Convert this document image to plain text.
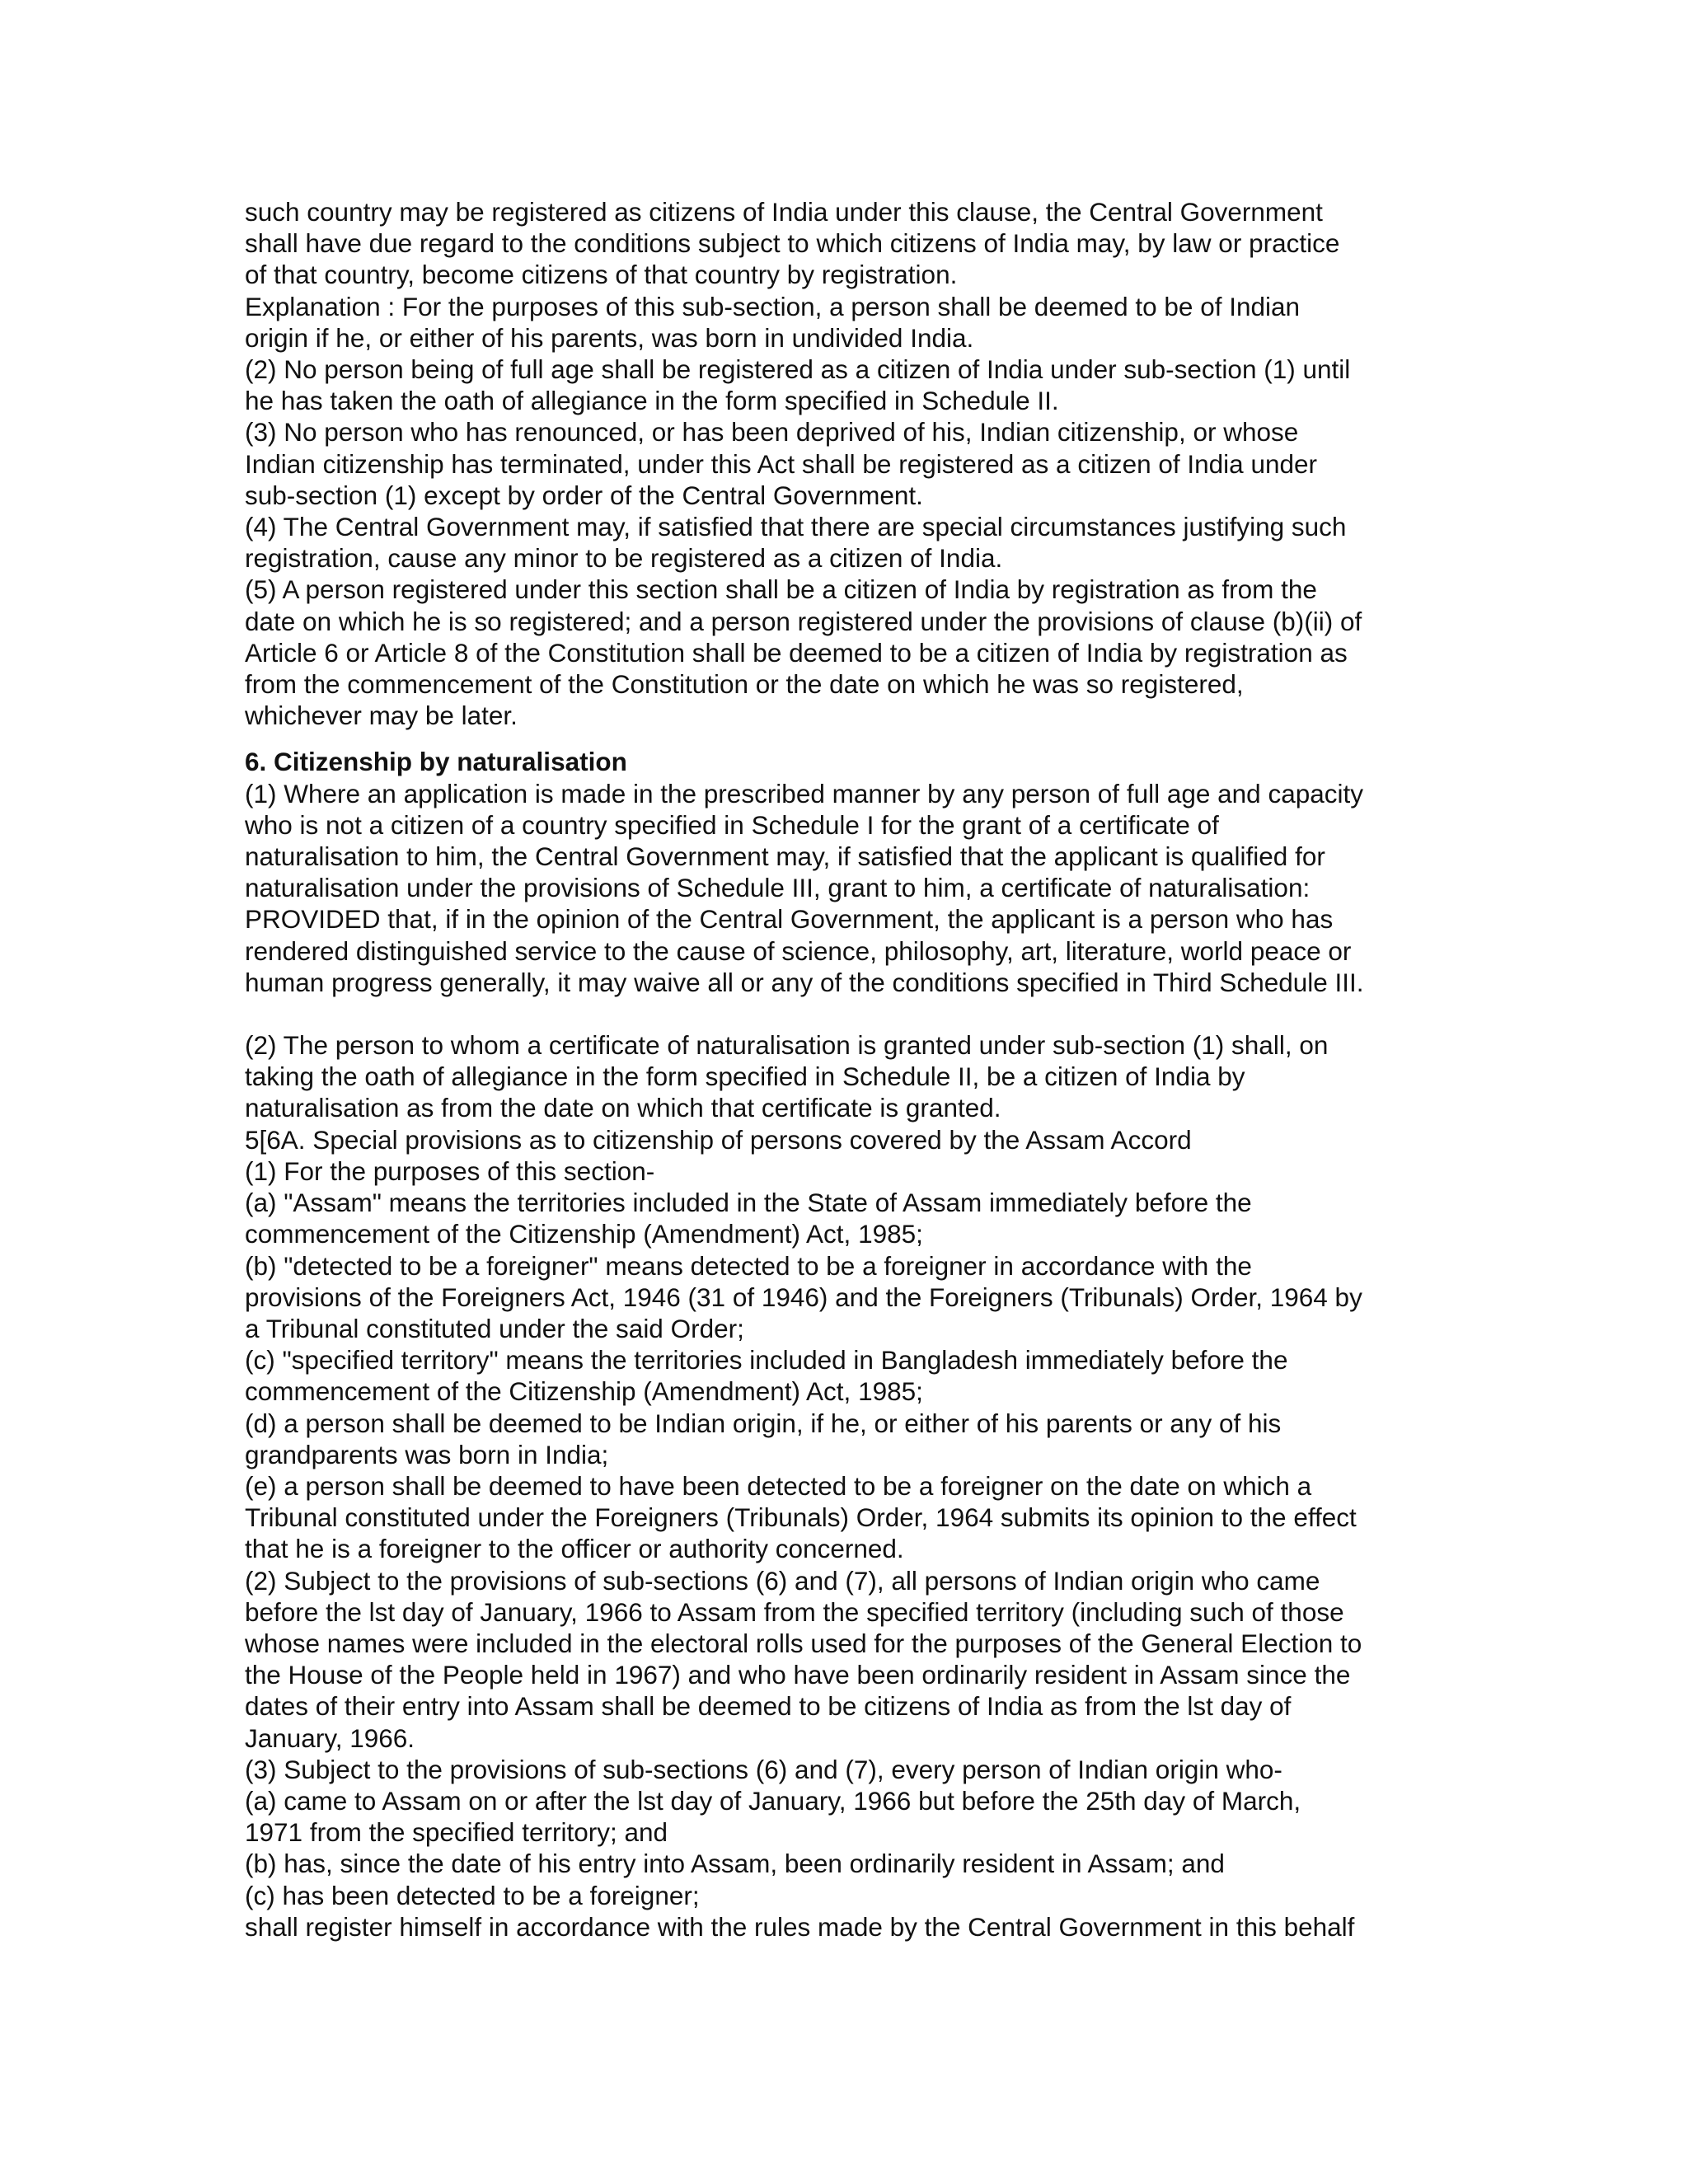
such country may be registered as citizens of India under this clause, the Central Government
shall have due regard to the conditions subject to which citizens of India may, by law or practice
of that country, become citizens of that country by registration.
Explanation : For the purposes of this sub-section, a person shall be deemed to be of Indian
origin if he, or either of his parents, was born in undivided India.
(2) No person being of full age shall be registered as a citizen of India under sub-section (1) until
he has taken the oath of allegiance in the form specified in Schedule II.
(3) No person who has renounced, or has been deprived of his, Indian citizenship, or whose
Indian citizenship has terminated, under this Act shall be registered as a citizen of India under
sub-section (1) except by order of the Central Government.
(4) The Central Government may, if satisfied that there are special circumstances justifying such
registration, cause any minor to be registered as a citizen of India.
(5) A person registered under this section shall be a citizen of India by registration as from the
date on which he is so registered; and a person registered under the provisions of clause (b)(ii) of
Article 6 or Article 8 of the Constitution shall be deemed to be a citizen of India by registration as
from the commencement of the Constitution or the date on which he was so registered,
whichever may be later.
6. Citizenship by naturalisation
(1) Where an application is made in the prescribed manner by any person of full age and capacity
who is not a citizen of a country specified in Schedule I for the grant of a certificate of
naturalisation to him, the Central Government may, if satisfied that the applicant is qualified for
naturalisation under the provisions of Schedule III, grant to him, a certificate of naturalisation:
PROVIDED that, if in the opinion of the Central Government, the applicant is a person who has
rendered distinguished service to the cause of science, philosophy, art, literature, world peace or
human progress generally, it may waive all or any of the conditions specified in Third Schedule III.
(2) The person to whom a certificate of naturalisation is granted under sub-section (1) shall, on
taking the oath of allegiance in the form specified in Schedule II, be a citizen of India by
naturalisation as from the date on which that certificate is granted.
5[6A. Special provisions as to citizenship of persons covered by the Assam Accord
(1) For the purposes of this section-
(a) "Assam" means the territories included in the State of Assam immediately before the
commencement of the Citizenship (Amendment) Act, 1985;
(b) "detected to be a foreigner" means detected to be a foreigner in accordance with the
provisions of the Foreigners Act, 1946 (31 of 1946) and the Foreigners (Tribunals) Order, 1964 by
a Tribunal constituted under the said Order;
(c) "specified territory" means the territories included in Bangladesh immediately before the
commencement of the Citizenship (Amendment) Act, 1985;
(d) a person shall be deemed to be Indian origin, if he, or either of his parents or any of his
grandparents was born in India;
(e) a person shall be deemed to have been detected to be a foreigner on the date on which a
Tribunal constituted under the Foreigners (Tribunals) Order, 1964 submits its opinion to the effect
that he is a foreigner to the officer or authority concerned.
(2) Subject to the provisions of sub-sections (6) and (7), all persons of Indian origin who came
before the lst day of January, 1966 to Assam from the specified territory (including such of those
whose names were included in the electoral rolls used for the purposes of the General Election to
the House of the People held in 1967) and who have been ordinarily resident in Assam since the
dates of their entry into Assam shall be deemed to be citizens of India as from the lst day of
January, 1966.
(3) Subject to the provisions of sub-sections (6) and (7), every person of Indian origin who-
(a) came to Assam on or after the lst day of January, 1966 but before the 25th day of March,
1971 from the specified territory; and
(b) has, since the date of his entry into Assam, been ordinarily resident in Assam; and
(c) has been detected to be a foreigner;
shall register himself in accordance with the rules made by the Central Government in this behalf
